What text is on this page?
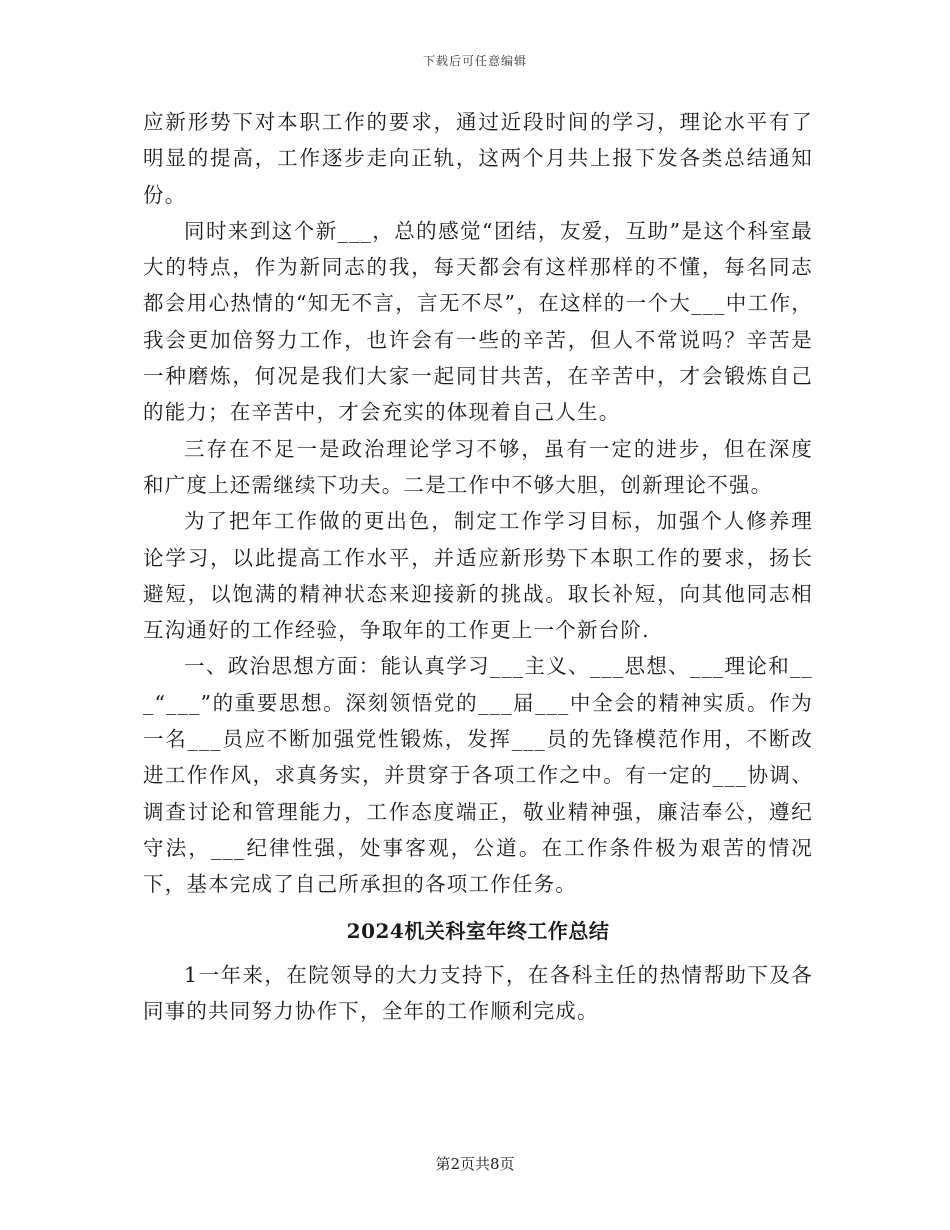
下载后可任意编辑

应新形势下对本职工作的要求，通过近段时间的学习，理论水平有了明显的提高，工作逐步走向正轨，这两个月共上报下发各类总结通知份。

同时来到这个新___，总的感觉“团结，友爱，互助”是这个科室最大的特点，作为新同志的我，每天都会有这样那样的不懂，每名同志都会用心热情的“知无不言，言无不尽”，在这样的一个大___中工作，我会更加倍努力工作，也许会有一些的辛苦，但人不常说吗？辛苦是一种磨炼，何况是我们大家一起同甘共苦，在辛苦中，才会锻炼自己的能力；在辛苦中，才会充实的体现着自己人生。

三存在不足一是政治理论学习不够，虽有一定的进步，但在深度和广度上还需继续下功夫。二是工作中不够大胆，创新理论不强。

为了把年工作做的更出色，制定工作学习目标，加强个人修养理论学习，以此提高工作水平，并适应新形势下本职工作的要求，扬长避短，以饱满的精神状态来迎接新的挑战。取长补短，向其他同志相互沟通好的工作经验，争取年的工作更上一个新台阶.

一、政治思想方面：能认真学习___主义、___思想、___理论和___“___”的重要思想。深刻领悟党的___届___中全会的精神实质。作为一名___员应不断加强党性锻炼，发挥___员的先锋模范作用，不断改进工作作风，求真务实，并贯穿于各项工作之中。有一定的___协调、调查讨论和管理能力，工作态度端正，敬业精神强，廉洁奉公，遵纪守法，___纪律性强，处事客观，公道。在工作条件极为艰苦的情况下，基本完成了自己所承担的各项工作任务。

2024机关科室年终工作总结

1一年来，在院领导的大力支持下，在各科主任的热情帮助下及各同事的共同努力协作下，全年的工作顺利完成。

第2页共8页
